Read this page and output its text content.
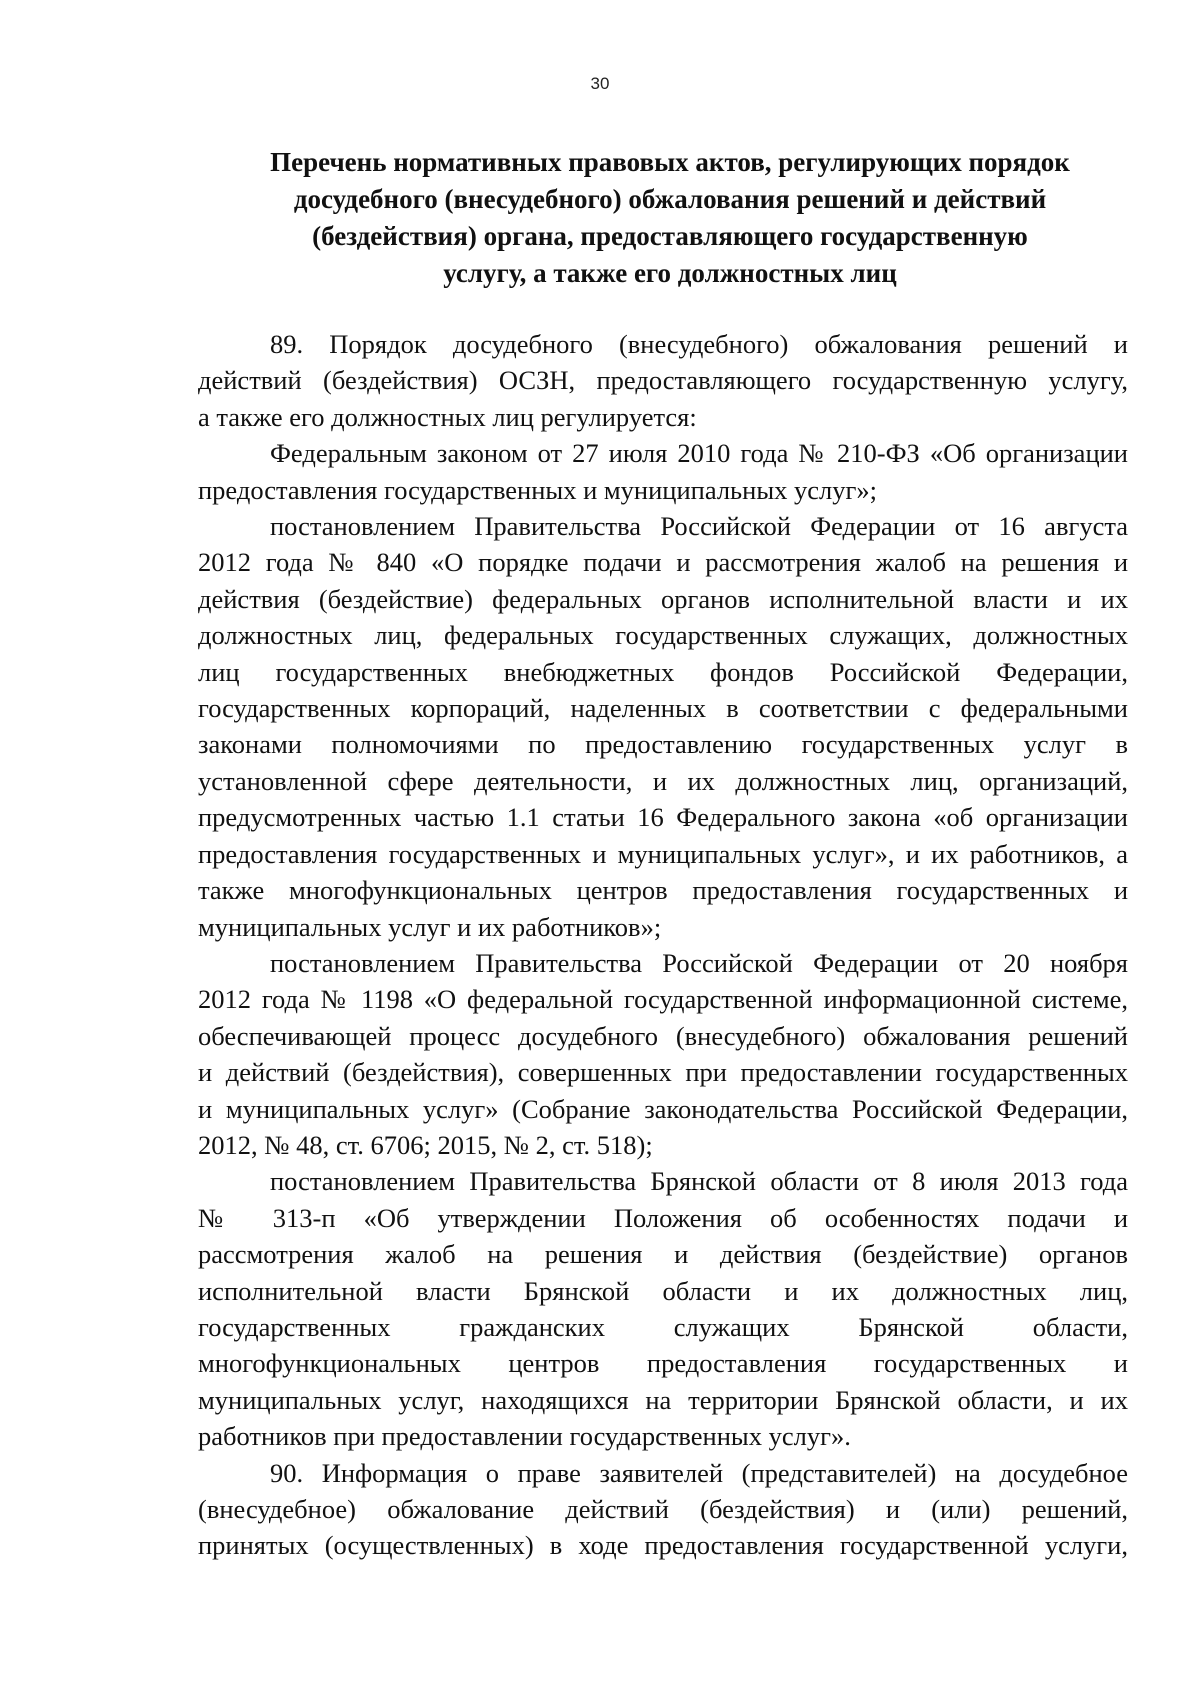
30
Перечень нормативных правовых актов, регулирующих порядок
досудебного (внесудебного) обжалования решений и действий
(бездействия) органа, предоставляющего государственную
услугу, а также его должностных лиц
89. Порядок досудебного (внесудебного) обжалования решений и
действий (бездействия) ОСЗН, предоставляющего государственную услугу,
а также его должностных лиц регулируется:
Федеральным законом от 27 июля 2010 года № 210-ФЗ «Об организации
предоставления государственных и муниципальных услуг»;
постановлением Правительства Российской Федерации от 16 августа
2012 года № 840 «О порядке подачи и рассмотрения жалоб на решения и
действия (бездействие) федеральных органов исполнительной власти и их
должностных лиц, федеральных государственных служащих, должностных
лиц государственных внебюджетных фондов Российской Федерации,
государственных корпораций, наделенных в соответствии с федеральными
законами полномочиями по предоставлению государственных услуг в
установленной сфере деятельности, и их должностных лиц, организаций,
предусмотренных частью 1.1 статьи 16 Федерального закона «об организации
предоставления государственных и муниципальных услуг», и их работников, а
также многофункциональных центров предоставления государственных и
муниципальных услуг и их работников»;
постановлением Правительства Российской Федерации от 20 ноября
2012 года № 1198 «О федеральной государственной информационной системе,
обеспечивающей процесс досудебного (внесудебного) обжалования решений
и действий (бездействия), совершенных при предоставлении государственных
и муниципальных услуг» (Собрание законодательства Российской Федерации,
2012, № 48, ст. 6706; 2015, № 2, ст. 518);
постановлением Правительства Брянской области от 8 июля 2013 года
№ 313-п «Об утверждении Положения об особенностях подачи и
рассмотрения жалоб на решения и действия (бездействие) органов
исполнительной власти Брянской области и их должностных лиц,
государственных гражданских служащих Брянской области,
многофункциональных центров предоставления государственных и
муниципальных услуг, находящихся на территории Брянской области, и их
работников при предоставлении государственных услуг».
90. Информация о праве заявителей (представителей) на досудебное
(внесудебное) обжалование действий (бездействия) и (или) решений,
принятых (осуществленных) в ходе предоставления государственной услуги,
